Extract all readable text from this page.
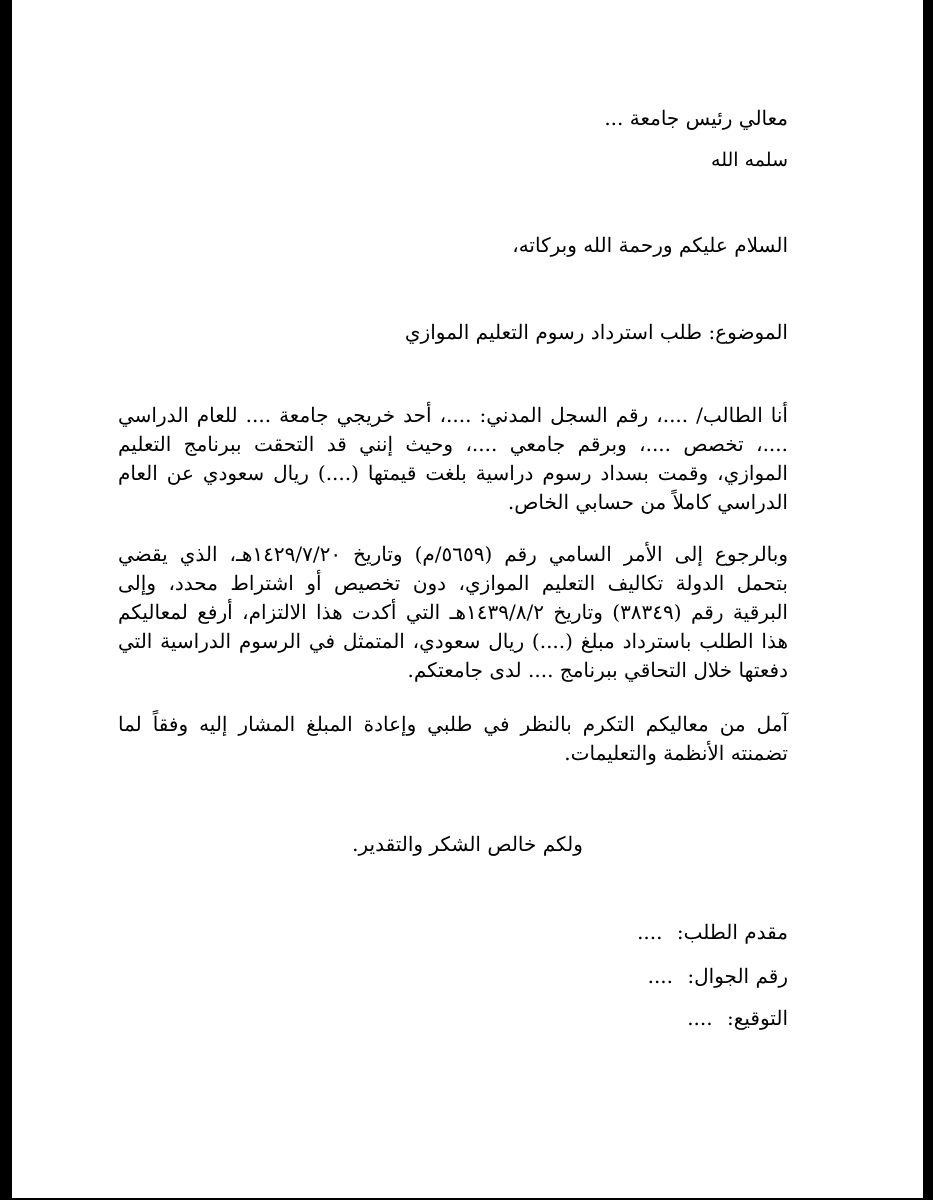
معالي رئيس جامعة ...

سلمه الله

السلام عليكم ورحمة الله وبركاته،

الموضوع: طلب استرداد رسوم التعليم الموازي

أنا الطالب/ ....، رقم السجل المدني: ....، أحد خريجي جامعة .... للعام الدراسي ....، تخصص ....، وبرقم جامعي ....، وحيث إنني قد التحقت ببرنامج التعليم الموازي، وقمت بسداد رسوم دراسية بلغت قيمتها (....) ريال سعودي عن العام الدراسي كاملاً من حسابي الخاص.

وبالرجوع إلى الأمر السامي رقم (٥٦٥٩/م) وتاريخ ١٤٢٩/٧/٢٠هـ، الذي يقضي بتحمل الدولة تكاليف التعليم الموازي، دون تخصيص أو اشتراط محدد، وإلى البرقية رقم (٣٨٣٤٩) وتاريخ ١٤٣٩/٨/٢هـ التي أكدت هذا الالتزام، أرفع لمعاليكم هذا الطلب باسترداد مبلغ (....) ريال سعودي، المتمثل في الرسوم الدراسية التي دفعتها خلال التحاقي ببرنامج .... لدى جامعتكم.

آمل من معاليكم التكرم بالنظر في طلبي وإعادة المبلغ المشار إليه وفقاً لما تضمنته الأنظمة والتعليمات.

ولكم خالص الشكر والتقدير.

مقدم الطلب: ....

رقم الجوال: ....

التوقيع: ....
